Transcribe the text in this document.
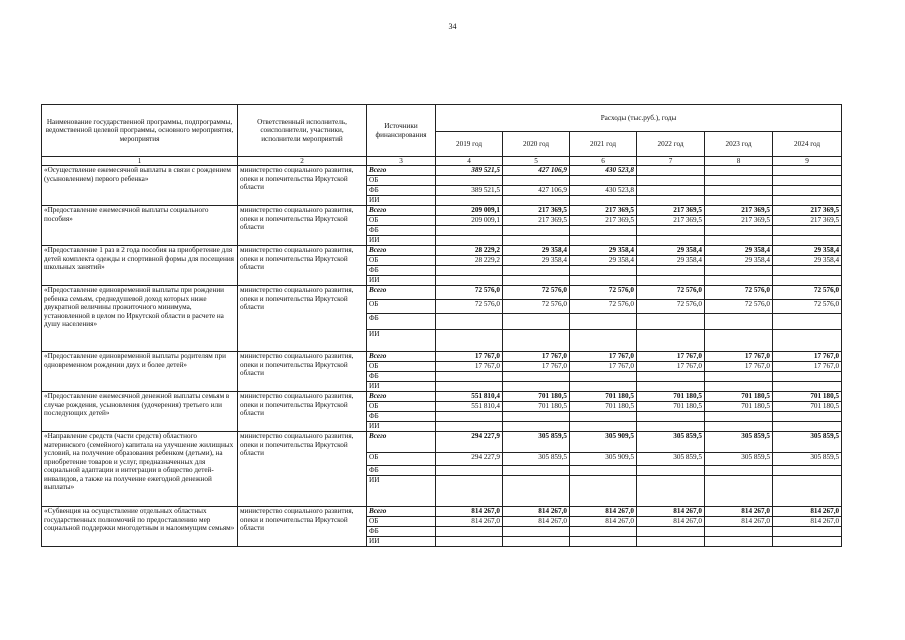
34
Наименование государственной программы, подпрограммы, ведомственной целевой программы, основного мероприятия, мероприятия	Ответственный исполнитель, соисполнители, участники, исполнители мероприятий	Источники финансирования	Расходы (тыс.руб.), годы					
			2019 год	2020 год	2021 год	2022 год	2023 год	2024 год
1	2	3	4	5	6	7	8	9
«Осуществление ежемесячной выплаты в связи с рождением (усыновлением) первого ребенка»	министерство социального развития, опеки и попечительства Иркутской области	Всего	389 521,5	427 106,9	430 523,8			
		ОБ						
		ФБ	389 521,5	427 106,9	430 523,8			
		ИИ						
«Предоставление ежемесячной выплаты социального пособия»	министерство социального развития, опеки и попечительства Иркутской области	Всего	209 009,1	217 369,5	217 369,5	217 369,5	217 369,5	217 369,5
		ОБ	209 009,1	217 369,5	217 369,5	217 369,5	217 369,5	217 369,5
		ФБ						
		ИИ						
«Предоставление 1 раз в 2 года пособия на приобретение для детей комплекта одежды и спортивной формы для посещения школьных занятий»	министерство социального развития, опеки и попечительства Иркутской области	Всего	28 229,2	29 358,4	29 358,4	29 358,4	29 358,4	29 358,4
		ОБ	28 229,2	29 358,4	29 358,4	29 358,4	29 358,4	29 358,4
		ФБ						
		ИИ						
«Предоставление единовременной выплаты при рождении ребенка семьям, среднедушевой доход которых ниже двукратной величины прожиточного минимума, установленной в целом по Иркутской области в расчете на душу населения»	министерство социального развития, опеки и попечительства Иркутской области	Всего	72 576,0	72 576,0	72 576,0	72 576,0	72 576,0	72 576,0
		ОБ	72 576,0	72 576,0	72 576,0	72 576,0	72 576,0	72 576,0
		ФБ						
		ИИ						
«Предоставление единовременной выплаты родителям при одновременном рождении двух и более детей»	министерство социального развития, опеки и попечительства Иркутской области	Всего	17 767,0	17 767,0	17 767,0	17 767,0	17 767,0	17 767,0
		ОБ	17 767,0	17 767,0	17 767,0	17 767,0	17 767,0	17 767,0
		ФБ						
		ИИ						
«Предоставление ежемесячной денежной выплаты семьям в случае рождения, усыновления (удочерения) третьего или последующих детей»	министерство социального развития, опеки и попечительства Иркутской области	Всего	551 810,4	701 180,5	701 180,5	701 180,5	701 180,5	701 180,5
		ОБ	551 810,4	701 180,5	701 180,5	701 180,5	701 180,5	701 180,5
		ФБ						
		ИИ						
«Направление средств (части средств) областного материнского (семейного) капитала на улучшение жилищных условий, на получение образования ребенком (детьми), на приобретение товаров и услуг, предназначенных для социальной адаптации и интеграции в общество детей-инвалидов, а также на получение ежегодной денежной выплаты»	министерство социального развития, опеки и попечительства Иркутской области	Всего	294 227,9	305 859,5	305 909,5	305 859,5	305 859,5	305 859,5
		ОБ	294 227,9	305 859,5	305 909,5	305 859,5	305 859,5	305 859,5
		ФБ						
		ИИ						
«Субвенция на осуществление отдельных областных государственных полномочий по предоставлению мер социальной поддержки многодетным и малоимущим семьям»	министерство социального развития, опеки и попечительства Иркутской области	Всего	814 267,0	814 267,0	814 267,0	814 267,0	814 267,0	814 267,0
		ОБ	814 267,0	814 267,0	814 267,0	814 267,0	814 267,0	814 267,0
		ФБ						
		ИИ						
